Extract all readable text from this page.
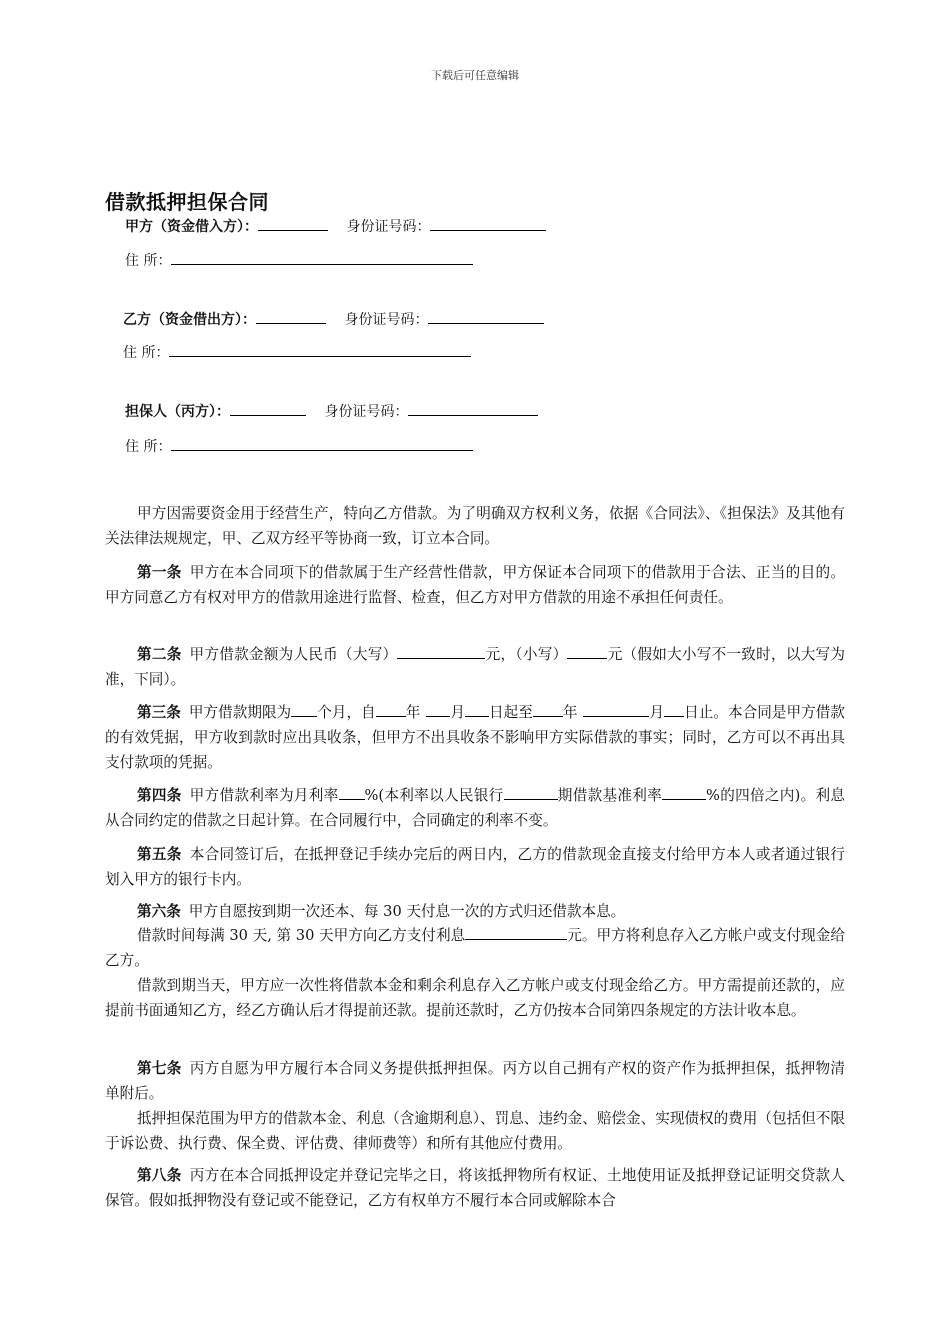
下载后可任意编辑
借款抵押担保合同
甲方（资金借入方）：	身份证号码：
住 所：
乙方（资金借出方）：	身份证号码：
住 所：
担保人（丙方）：	身份证号码：
住 所：
甲方因需要资金用于经营生产，特向乙方借款。为了明确双方权利义务，依据《合同法》、《担保法》及其他有关法律法规规定，甲、乙双方经平等协商一致，订立本合同。
第一条 甲方在本合同项下的借款属于生产经营性借款，甲方保证本合同项下的借款用于合法、正当的目的。甲方同意乙方有权对甲方的借款用途进行监督、检查，但乙方对甲方借款的用途不承担任何责任。
第二条 甲方借款金额为人民币（大写）	元，（小写）	元（假如大小写不一致时，以大写为准，下同）。
第三条 甲方借款期限为 个月，自 年 月 日起至 年	月 日止。本合同是甲方借款的有效凭据，甲方收到款时应出具收条，但甲方不出具收条不影响甲方实际借款的事实；同时，乙方可以不再出具支付款项的凭据。
第四条 甲方借款利率为月利率 %(本利率以人民银行	期借款基准利率	%的四倍之内)。利息从合同约定的借款之日起计算。在合同履行中，合同确定的利率不变。
第五条 本合同签订后，在抵押登记手续办完后的两日内，乙方的借款现金直接支付给甲方本人或者通过银行划入甲方的银行卡内。
第六条 甲方自愿按到期一次还本、每 30 天付息一次的方式归还借款本息。
借款时间每满 30 天, 第 30 天甲方向乙方支付利息	元。甲方将利息存入乙方帐户或支付现金给乙方。
借款到期当天，甲方应一次性将借款本金和剩余利息存入乙方帐户或支付现金给乙方。甲方需提前还款的，应提前书面通知乙方，经乙方确认后才得提前还款。提前还款时，乙方仍按本合同第四条规定的方法计收本息。
第七条 丙方自愿为甲方履行本合同义务提供抵押担保。丙方以自己拥有产权的资产作为抵押担保，抵押物清单附后。
抵押担保范围为甲方的借款本金、利息（含逾期利息）、罚息、违约金、赔偿金、实现债权的费用（包括但不限于诉讼费、执行费、保全费、评估费、律师费等）和所有其他应付费用。
第八条 丙方在本合同抵押设定并登记完毕之日，将该抵押物所有权证、土地使用证及抵押登记证明交贷款人保管。假如抵押物没有登记或不能登记，乙方有权单方不履行本合同或解除本合
